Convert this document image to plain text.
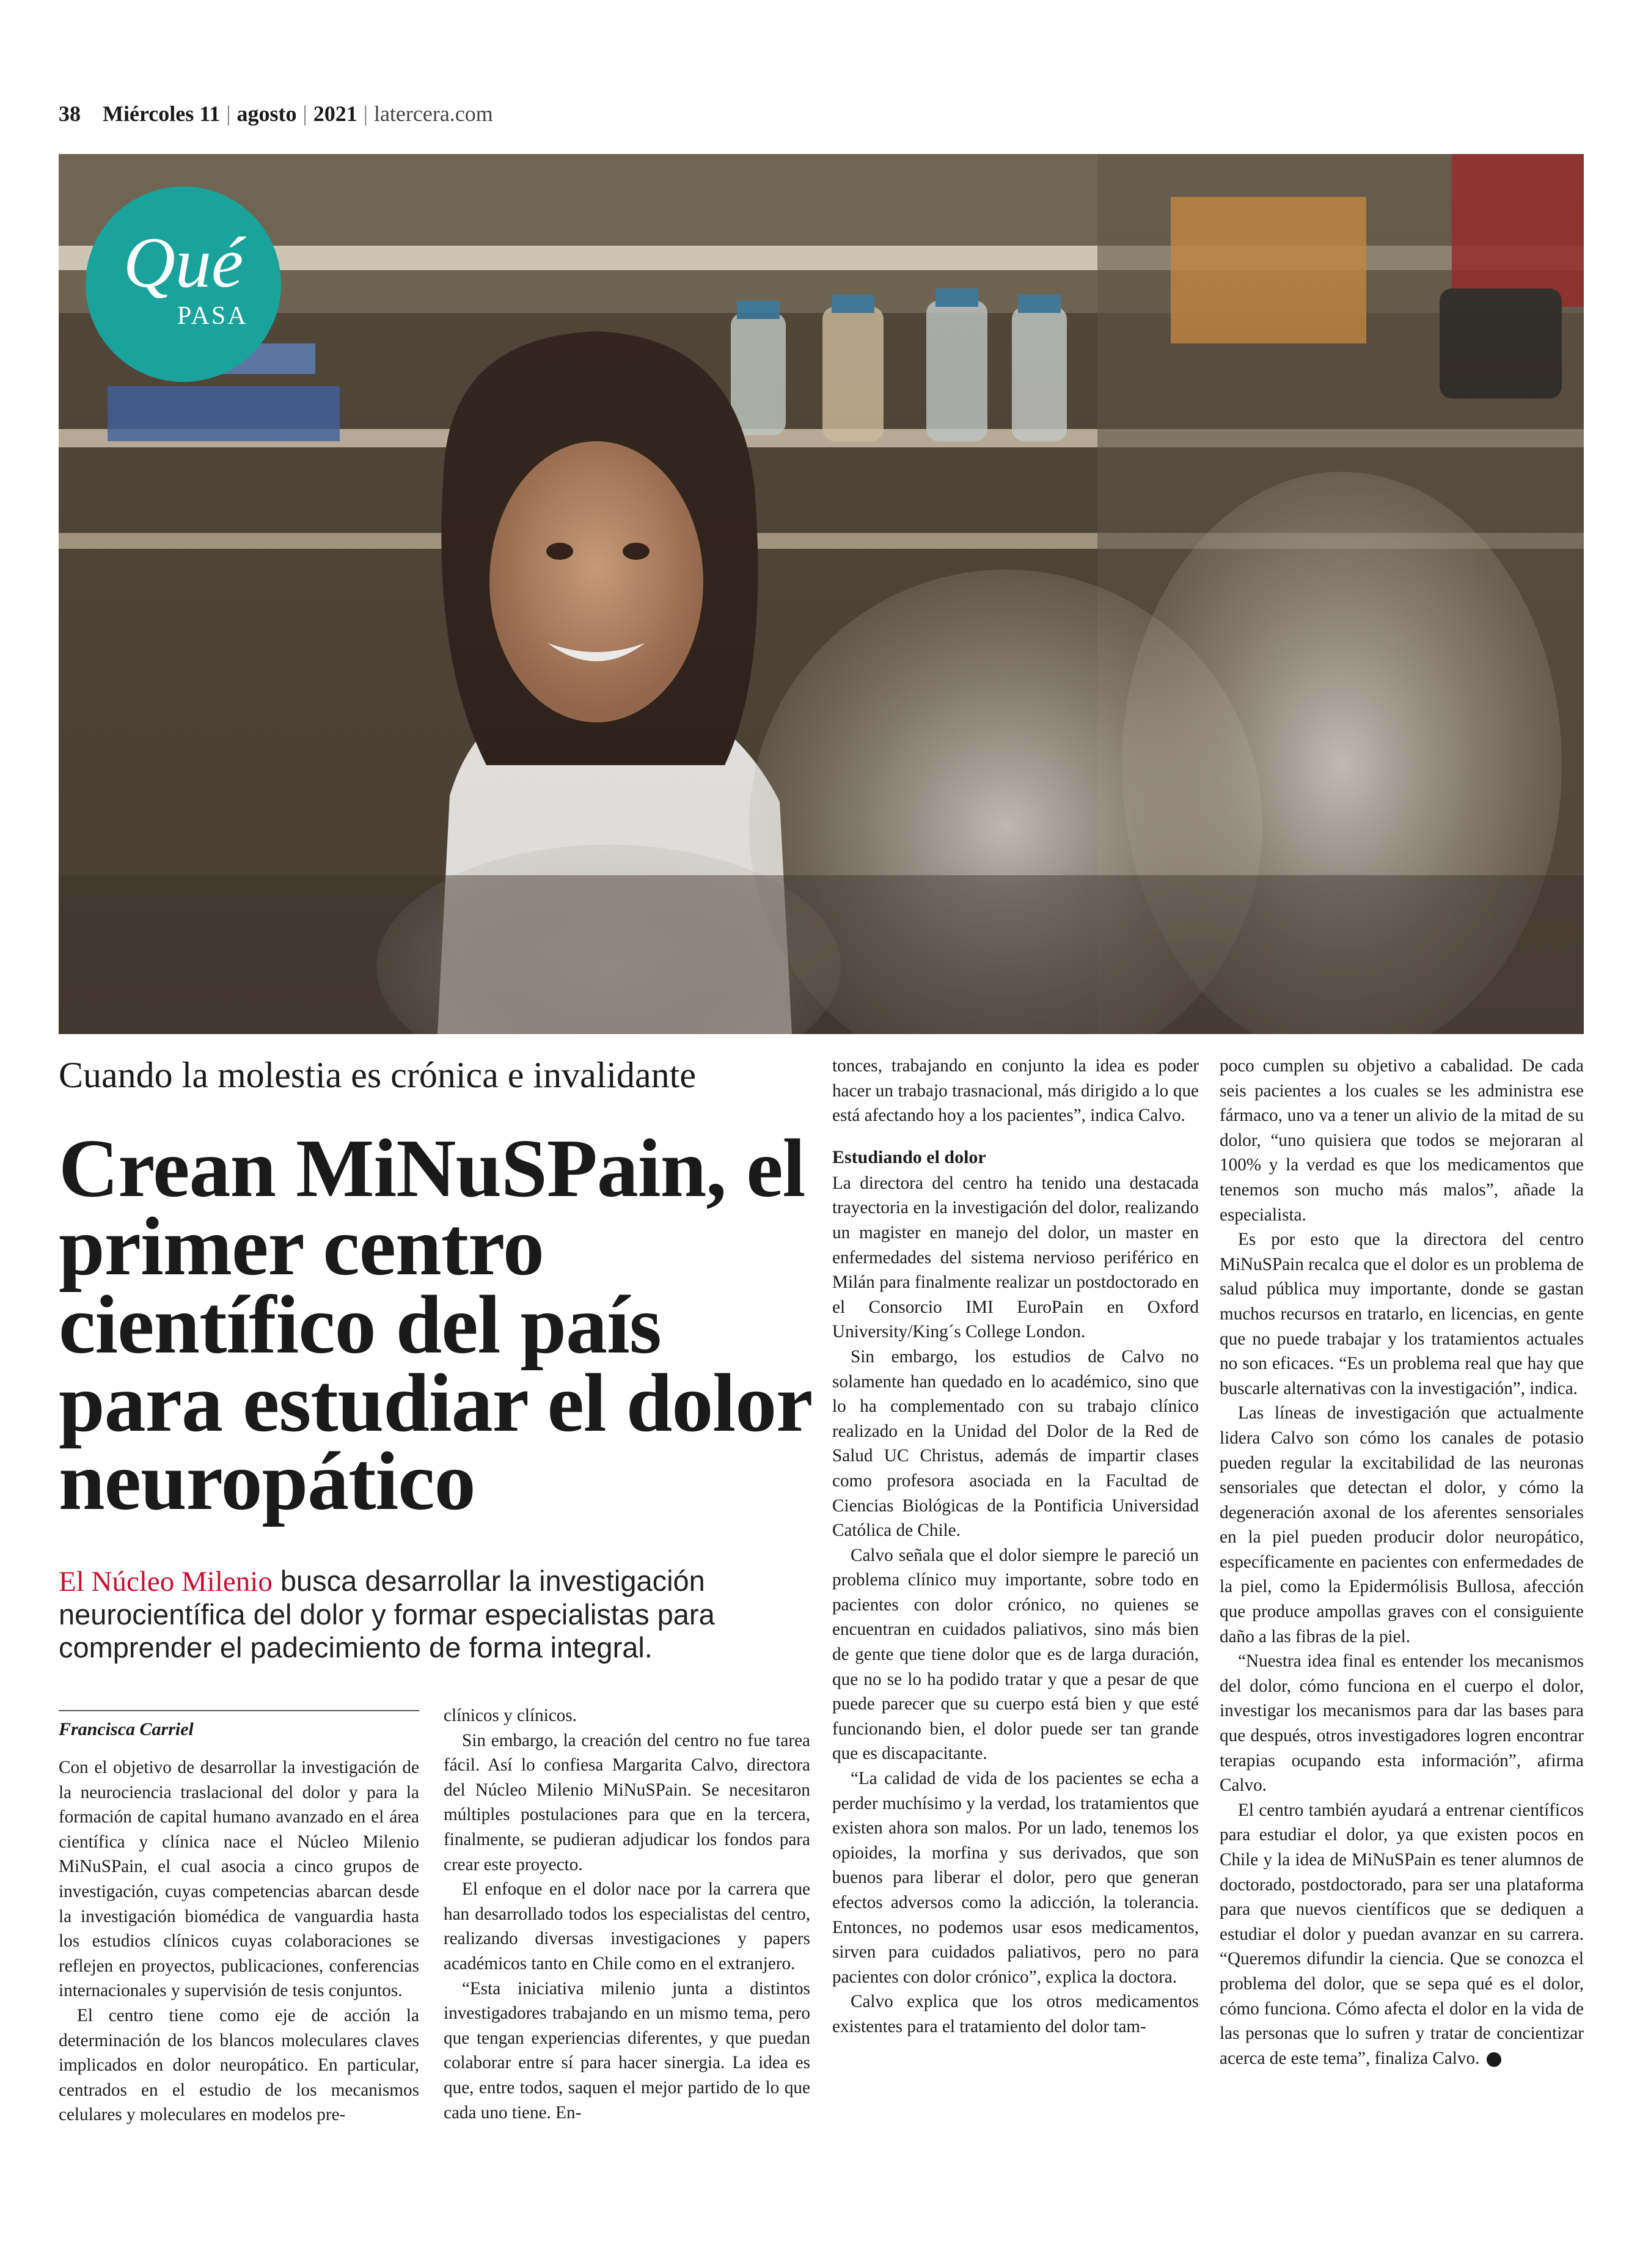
38 Miércoles 11 | agosto | 2021 | latercera.com
Qué
PASA
Cuando la molestia es crónica e invalidante
Crean MiNuSPain, el primer centro científico del país para estudiar el dolor neuropático
El Núcleo Milenio busca desarrollar la investigación neurocientífica del dolor y formar especialistas para comprender el padecimiento de forma integral.
Francisca Carriel

Con el objetivo de desarrollar la investigación de la neurociencia traslacional del dolor y para la formación de capital humano avanzado en el área científica y clínica nace el Núcleo Milenio MiNuSPain, el cual asocia a cinco grupos de investigación, cuyas competencias abarcan desde la investigación biomédica de vanguardia hasta los estudios clínicos cuyas colaboraciones se reflejen en proyectos, publicaciones, conferencias internacionales y supervisión de tesis conjuntos.

El centro tiene como eje de acción la determinación de los blancos moleculares claves implicados en dolor neuropático. En particular, centrados en el estudio de los mecanismos celulares y moleculares en modelos pre-

clínicos y clínicos.

Sin embargo, la creación del centro no fue tarea fácil. Así lo confiesa Margarita Calvo, directora del Núcleo Milenio MiNuSPain. Se necesitaron múltiples postulaciones para que en la tercera, finalmente, se pudieran adjudicar los fondos para crear este proyecto.

El enfoque en el dolor nace por la carrera que han desarrollado todos los especialistas del centro, realizando diversas investigaciones y papers académicos tanto en Chile como en el extranjero.

“Esta iniciativa milenio junta a distintos investigadores trabajando en un mismo tema, pero que tengan experiencias diferentes, y que puedan colaborar entre sí para hacer sinergia. La idea es que, entre todos, saquen el mejor partido de lo que cada uno tiene. En-

tonces, trabajando en conjunto la idea es poder hacer un trabajo trasnacional, más dirigido a lo que está afectando hoy a los pacientes”, indica Calvo.

Estudiando el dolor

La directora del centro ha tenido una destacada trayectoria en la investigación del dolor, realizando un magister en manejo del dolor, un master en enfermedades del sistema nervioso periférico en Milán para finalmente realizar un postdoctorado en el Consorcio IMI EuroPain en Oxford University/King´s College London.

Sin embargo, los estudios de Calvo no solamente han quedado en lo académico, sino que lo ha complementado con su trabajo clínico realizado en la Unidad del Dolor de la Red de Salud UC Christus, además de impartir clases como profesora asociada en la Facultad de Ciencias Biológicas de la Pontificia Universidad Católica de Chile.

Calvo señala que el dolor siempre le pareció un problema clínico muy importante, sobre todo en pacientes con dolor crónico, no quienes se encuentran en cuidados paliativos, sino más bien de gente que tiene dolor que es de larga duración, que no se lo ha podido tratar y que a pesar de que puede parecer que su cuerpo está bien y que esté funcionando bien, el dolor puede ser tan grande que es discapacitante.

“La calidad de vida de los pacientes se echa a perder muchísimo y la verdad, los tratamientos que existen ahora son malos. Por un lado, tenemos los opioides, la morfina y sus derivados, que son buenos para liberar el dolor, pero que generan efectos adversos como la adicción, la tolerancia. Entonces, no podemos usar esos medicamentos, sirven para cuidados paliativos, pero no para pacientes con dolor crónico”, explica la doctora.

Calvo explica que los otros medicamentos existentes para el tratamiento del dolor tam-

poco cumplen su objetivo a cabalidad. De cada seis pacientes a los cuales se les administra ese fármaco, uno va a tener un alivio de la mitad de su dolor, “uno quisiera que todos se mejoraran al 100% y la verdad es que los medicamentos que tenemos son mucho más malos”, añade la especialista.

Es por esto que la directora del centro MiNuSPain recalca que el dolor es un problema de salud pública muy importante, donde se gastan muchos recursos en tratarlo, en licencias, en gente que no puede trabajar y los tratamientos actuales no son eficaces. “Es un problema real que hay que buscarle alternativas con la investigación”, indica.

Las líneas de investigación que actualmente lidera Calvo son cómo los canales de potasio pueden regular la excitabilidad de las neuronas sensoriales que detectan el dolor, y cómo la degeneración axonal de los aferentes sensoriales en la piel pueden producir dolor neuropático, específicamente en pacientes con enfermedades de la piel, como la Epidermólisis Bullosa, afección que produce ampollas graves con el consiguiente daño a las fibras de la piel.

“Nuestra idea final es entender los mecanismos del dolor, cómo funciona en el cuerpo el dolor, investigar los mecanismos para dar las bases para que después, otros investigadores logren encontrar terapias ocupando esta información”, afirma Calvo.

El centro también ayudará a entrenar científicos para estudiar el dolor, ya que existen pocos en Chile y la idea de MiNuSPain es tener alumnos de doctorado, postdoctorado, para ser una plataforma para que nuevos científicos que se dediquen a estudiar el dolor y puedan avanzar en su carrera. “Queremos difundir la ciencia. Que se conozca el problema del dolor, que se sepa qué es el dolor, cómo funciona. Cómo afecta el dolor en la vida de las personas que lo sufren y tratar de concientizar acerca de este tema”, finaliza Calvo.
